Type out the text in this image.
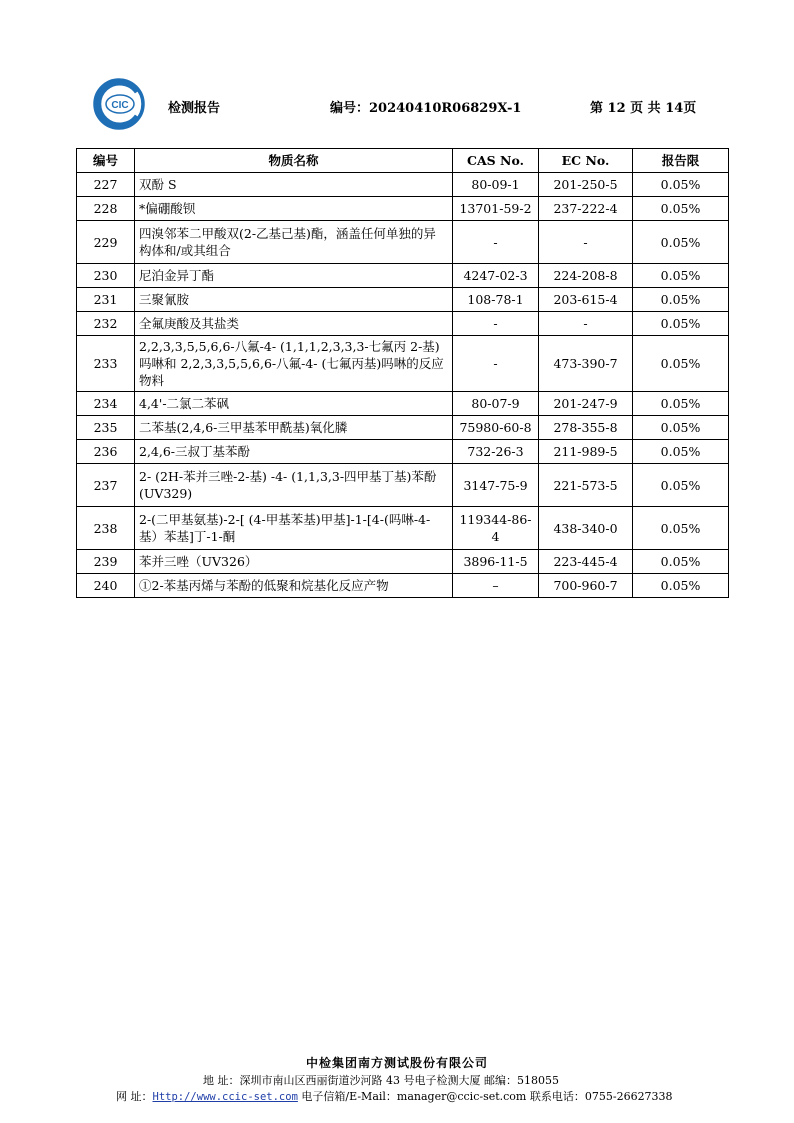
CIC	检测报告	编号：20240410R06829X-1	第 12 页 共 14页
编号	物质名称	CAS No.	EC No.	报告限
227	双酚 S	80-09-1	201-250-5	0.05%
228	*偏硼酸钡	13701-59-2	237-222-4	0.05%
229	四溴邻苯二甲酸双(2-乙基己基)酯，涵盖任何单独的异构体和/或其组合	-	-	0.05%
230	尼泊金异丁酯	4247-02-3	224-208-8	0.05%
231	三聚氰胺	108-78-1	203-615-4	0.05%
232	全氟庚酸及其盐类	-	-	0.05%
233	2,2,3,3,5,5,6,6-八氟-4- (1,1,1,2,3,3,3-七氟丙 2-基)吗啉和 2,2,3,3,5,5,6,6-八氟-4- (七氟丙基)吗啉的反应物料	-	473-390-7	0.05%
234	4,4'-二氯二苯砜	80-07-9	201-247-9	0.05%
235	二苯基(2,4,6-三甲基苯甲酰基)氧化膦	75980-60-8	278-355-8	0.05%
236	2,4,6-三叔丁基苯酚	732-26-3	211-989-5	0.05%
237	2- (2H-苯并三唑-2-基) -4- (1,1,3,3-四甲基丁基)苯酚(UV329)	3147-75-9	221-573-5	0.05%
238	2-(二甲基氨基)-2-[ (4-甲基苯基)甲基]-1-[4-(吗啉-4-基）苯基]丁-1-酮	119344-86-4	438-340-0	0.05%
239	苯并三唑（UV326）	3896-11-5	223-445-4	0.05%
240	①2-苯基丙烯与苯酚的低聚和烷基化反应产物	–	700-960-7	0.05%
中检集团南方测试股份有限公司
地 址：深圳市南山区西丽街道沙河路 43 号电子检测大厦 邮编：518055
网 址：Http://www.ccic-set.com 电子信箱/E-Mail：manager@ccic-set.com 联系电话：0755-26627338
